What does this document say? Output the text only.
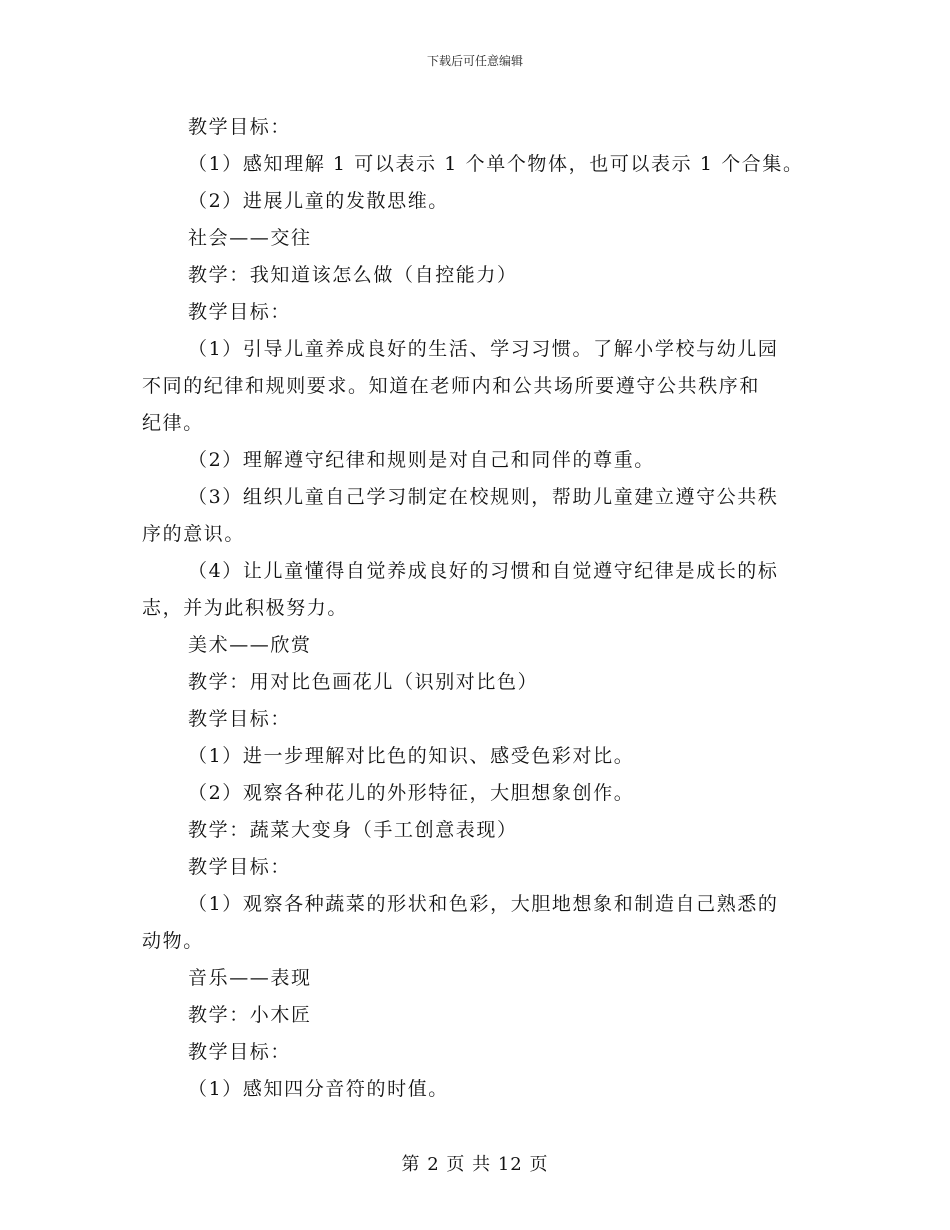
下载后可任意编辑
教学目标：
（1）感知理解 1 可以表示 1 个单个物体，也可以表示 1 个合集。
（2）进展儿童的发散思维。
社会——交往
教学：我知道该怎么做（自控能力）
教学目标：
（1）引导儿童养成良好的生活、学习习惯。了解小学校与幼儿园
不同的纪律和规则要求。知道在老师内和公共场所要遵守公共秩序和
纪律。
（2）理解遵守纪律和规则是对自己和同伴的尊重。
（3）组织儿童自己学习制定在校规则，帮助儿童建立遵守公共秩
序的意识。
（4）让儿童懂得自觉养成良好的习惯和自觉遵守纪律是成长的标
志，并为此积极努力。
美术——欣赏
教学：用对比色画花儿（识别对比色）
教学目标：
（1）进一步理解对比色的知识、感受色彩对比。
（2）观察各种花儿的外形特征，大胆想象创作。
教学：蔬菜大变身（手工创意表现）
教学目标：
（1）观察各种蔬菜的形状和色彩，大胆地想象和制造自己熟悉的
动物。
音乐——表现
教学：小木匠
教学目标：
（1）感知四分音符的时值。
第 2 页 共 12 页
